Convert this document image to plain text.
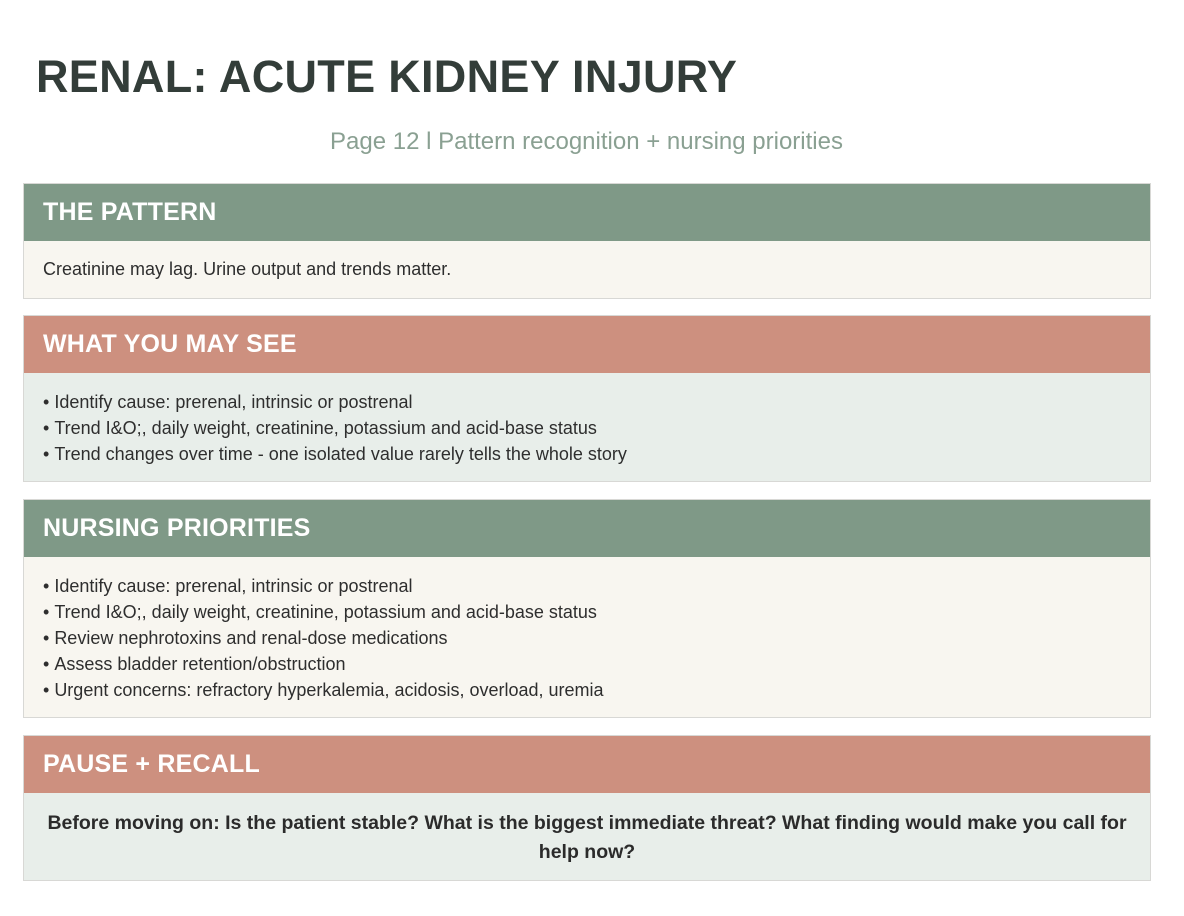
RENAL: ACUTE KIDNEY INJURY
Page 12 l Pattern recognition + nursing priorities
THE PATTERN
Creatinine may lag. Urine output and trends matter.
WHAT YOU MAY SEE
• Identify cause: prerenal, intrinsic or postrenal
• Trend I&O;, daily weight, creatinine, potassium and acid-base status
• Trend changes over time - one isolated value rarely tells the whole story
NURSING PRIORITIES
• Identify cause: prerenal, intrinsic or postrenal
• Trend I&O;, daily weight, creatinine, potassium and acid-base status
• Review nephrotoxins and renal-dose medications
• Assess bladder retention/obstruction
• Urgent concerns: refractory hyperkalemia, acidosis, overload, uremia
PAUSE + RECALL
Before moving on: Is the patient stable? What is the biggest immediate threat? What finding would make you call for help now?
